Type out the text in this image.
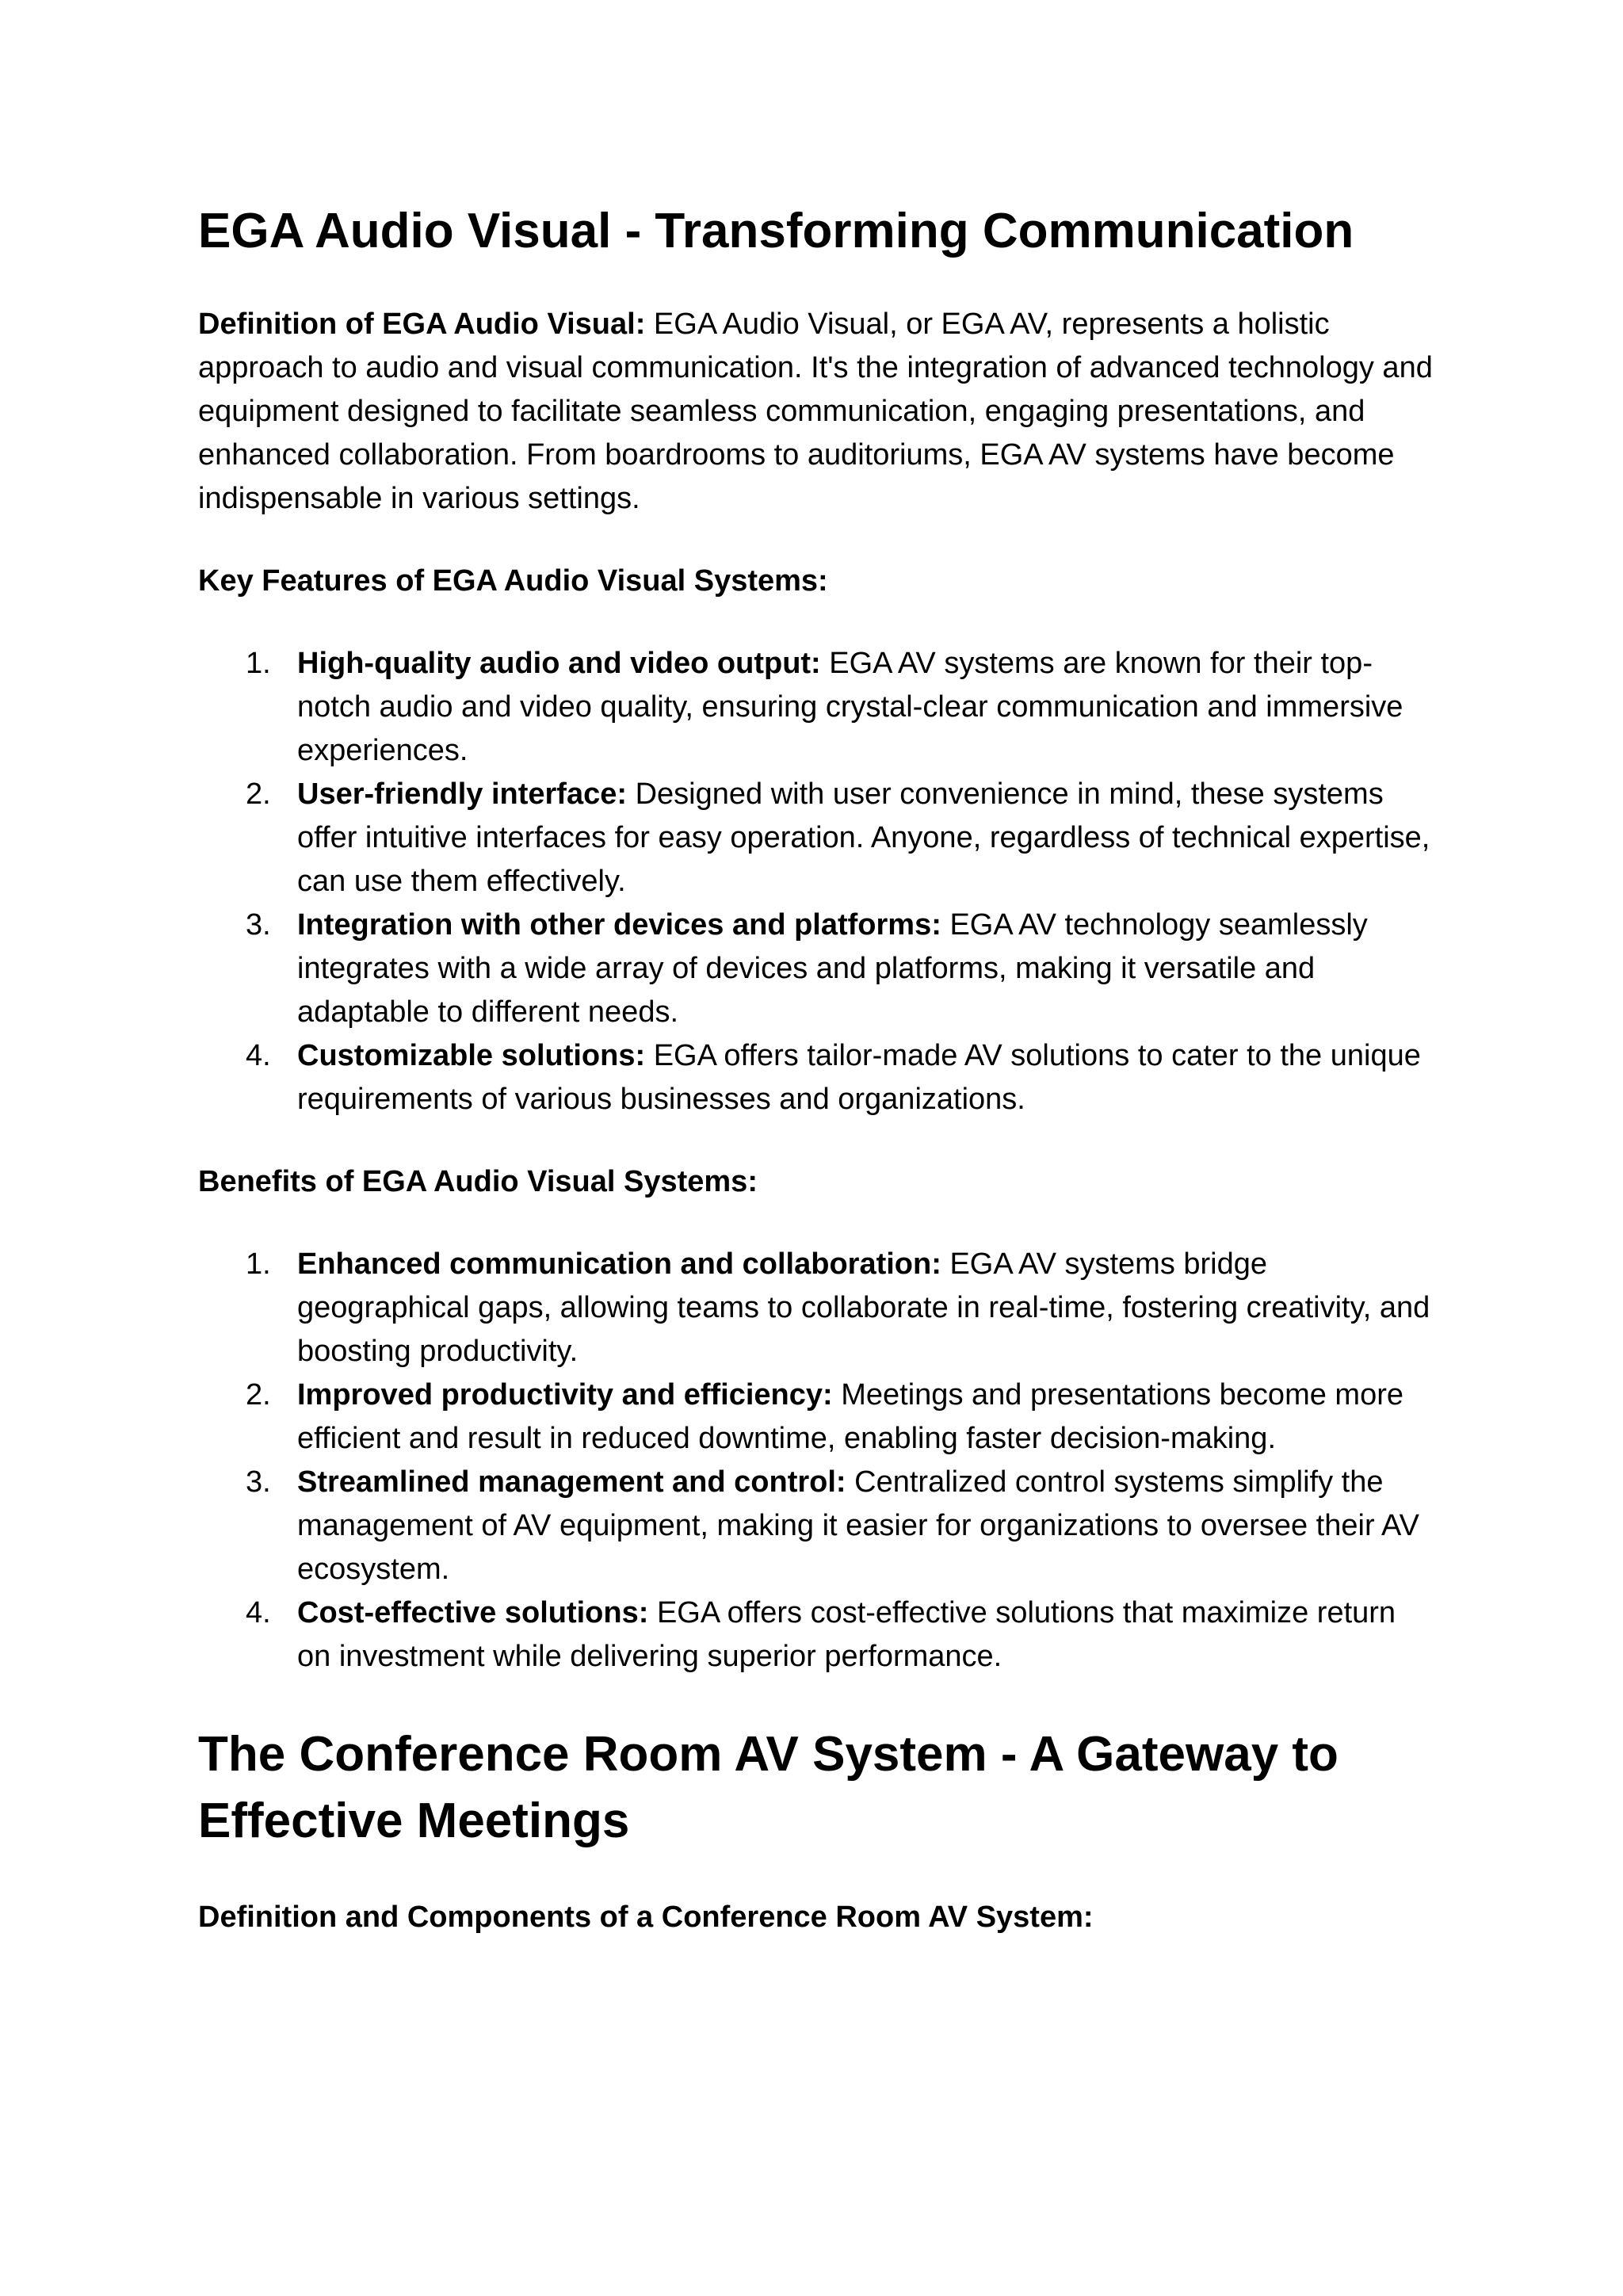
EGA Audio Visual - Transforming Communication

Definition of EGA Audio Visual: EGA Audio Visual, or EGA AV, represents a holistic approach to audio and visual communication. It's the integration of advanced technology and equipment designed to facilitate seamless communication, engaging presentations, and enhanced collaboration. From boardrooms to auditoriums, EGA AV systems have become indispensable in various settings.

Key Features of EGA Audio Visual Systems:
1. High-quality audio and video output: EGA AV systems are known for their top-notch audio and video quality, ensuring crystal-clear communication and immersive experiences.
2. User-friendly interface: Designed with user convenience in mind, these systems offer intuitive interfaces for easy operation. Anyone, regardless of technical expertise, can use them effectively.
3. Integration with other devices and platforms: EGA AV technology seamlessly integrates with a wide array of devices and platforms, making it versatile and adaptable to different needs.
4. Customizable solutions: EGA offers tailor-made AV solutions to cater to the unique requirements of various businesses and organizations.
Benefits of EGA Audio Visual Systems:
1. Enhanced communication and collaboration: EGA AV systems bridge geographical gaps, allowing teams to collaborate in real-time, fostering creativity, and boosting productivity.
2. Improved productivity and efficiency: Meetings and presentations become more efficient and result in reduced downtime, enabling faster decision-making.
3. Streamlined management and control: Centralized control systems simplify the management of AV equipment, making it easier for organizations to oversee their AV ecosystem.
4. Cost-effective solutions: EGA offers cost-effective solutions that maximize return on investment while delivering superior performance.
The Conference Room AV System - A Gateway to Effective Meetings
Definition and Components of a Conference Room AV System:
